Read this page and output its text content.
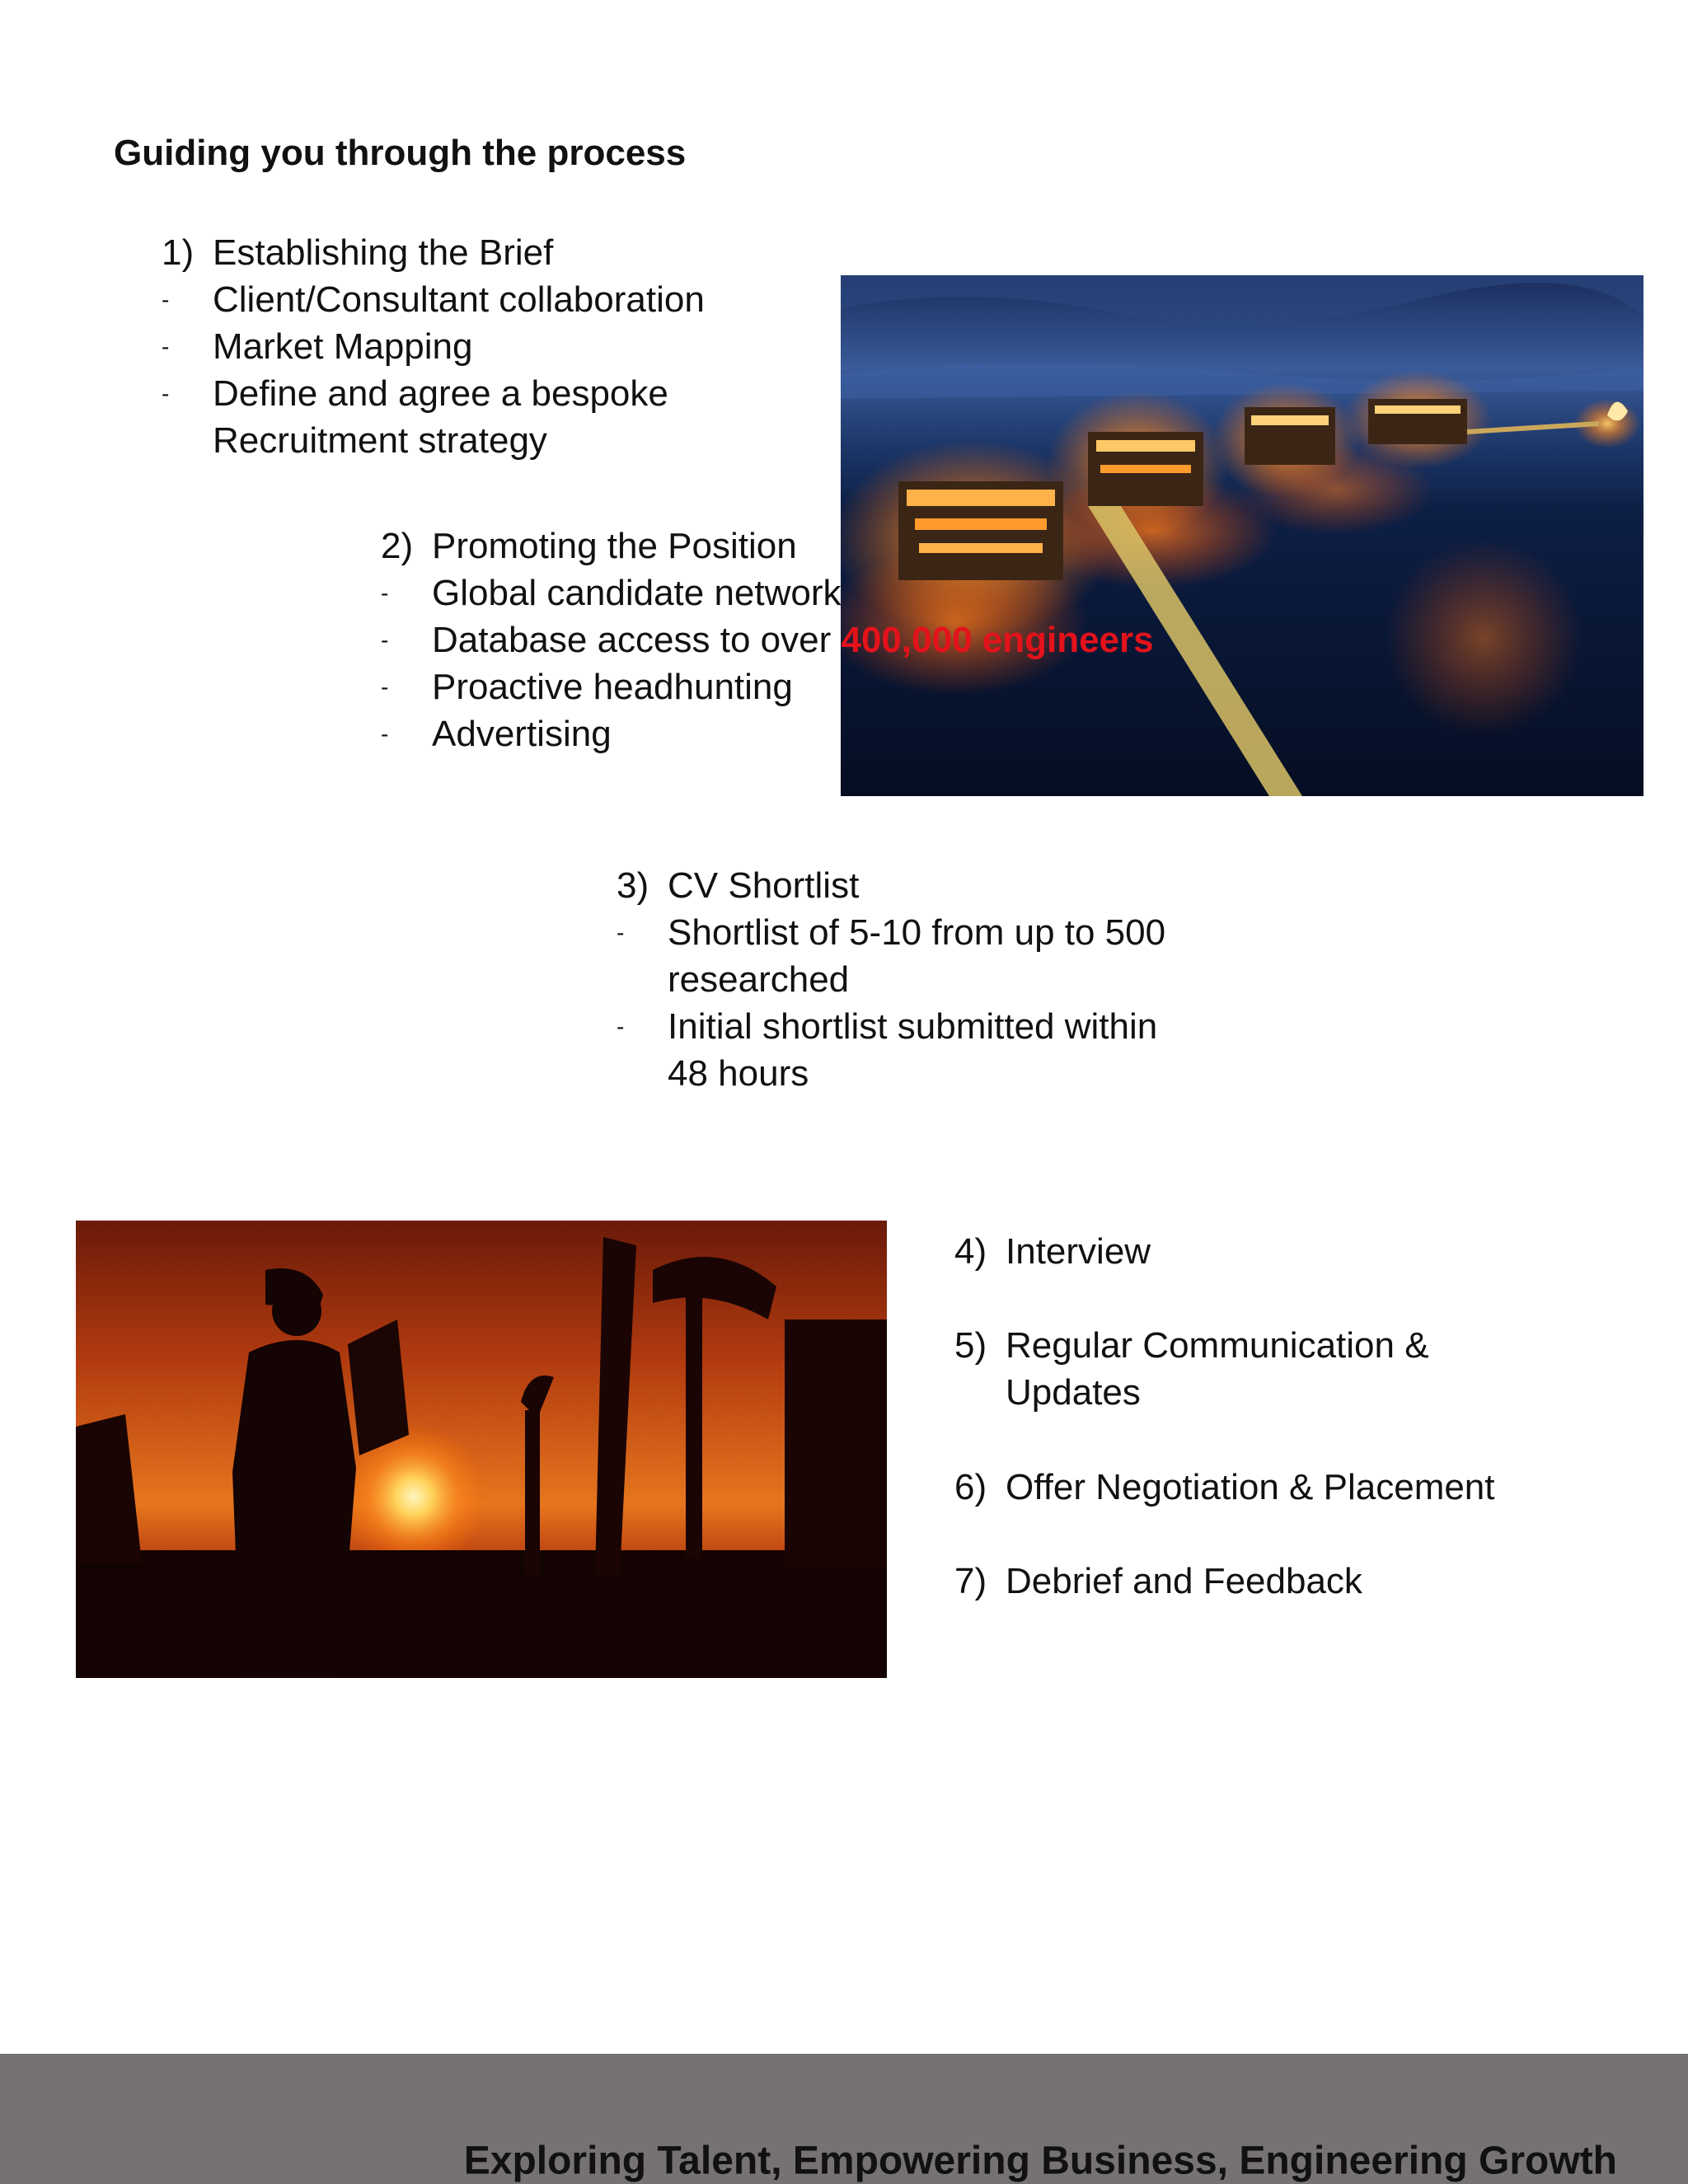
Guiding you through the process
1) Establishing the Brief
- Client/Consultant collaboration
- Market Mapping
- Define and agree a bespoke
Recruitment strategy
2) Promoting the Position
- Global candidate network
- Database access to over 400,000 engineers
- Proactive headhunting
- Advertising
3) CV Shortlist
- Shortlist of 5-10 from up to 500
researched
- Initial shortlist submitted within
48 hours
4) Interview
5) Regular Communication &
Updates
6) Offer Negotiation & Placement
7) Debrief and Feedback
Exploring Talent, Empowering Business, Engineering Growth
